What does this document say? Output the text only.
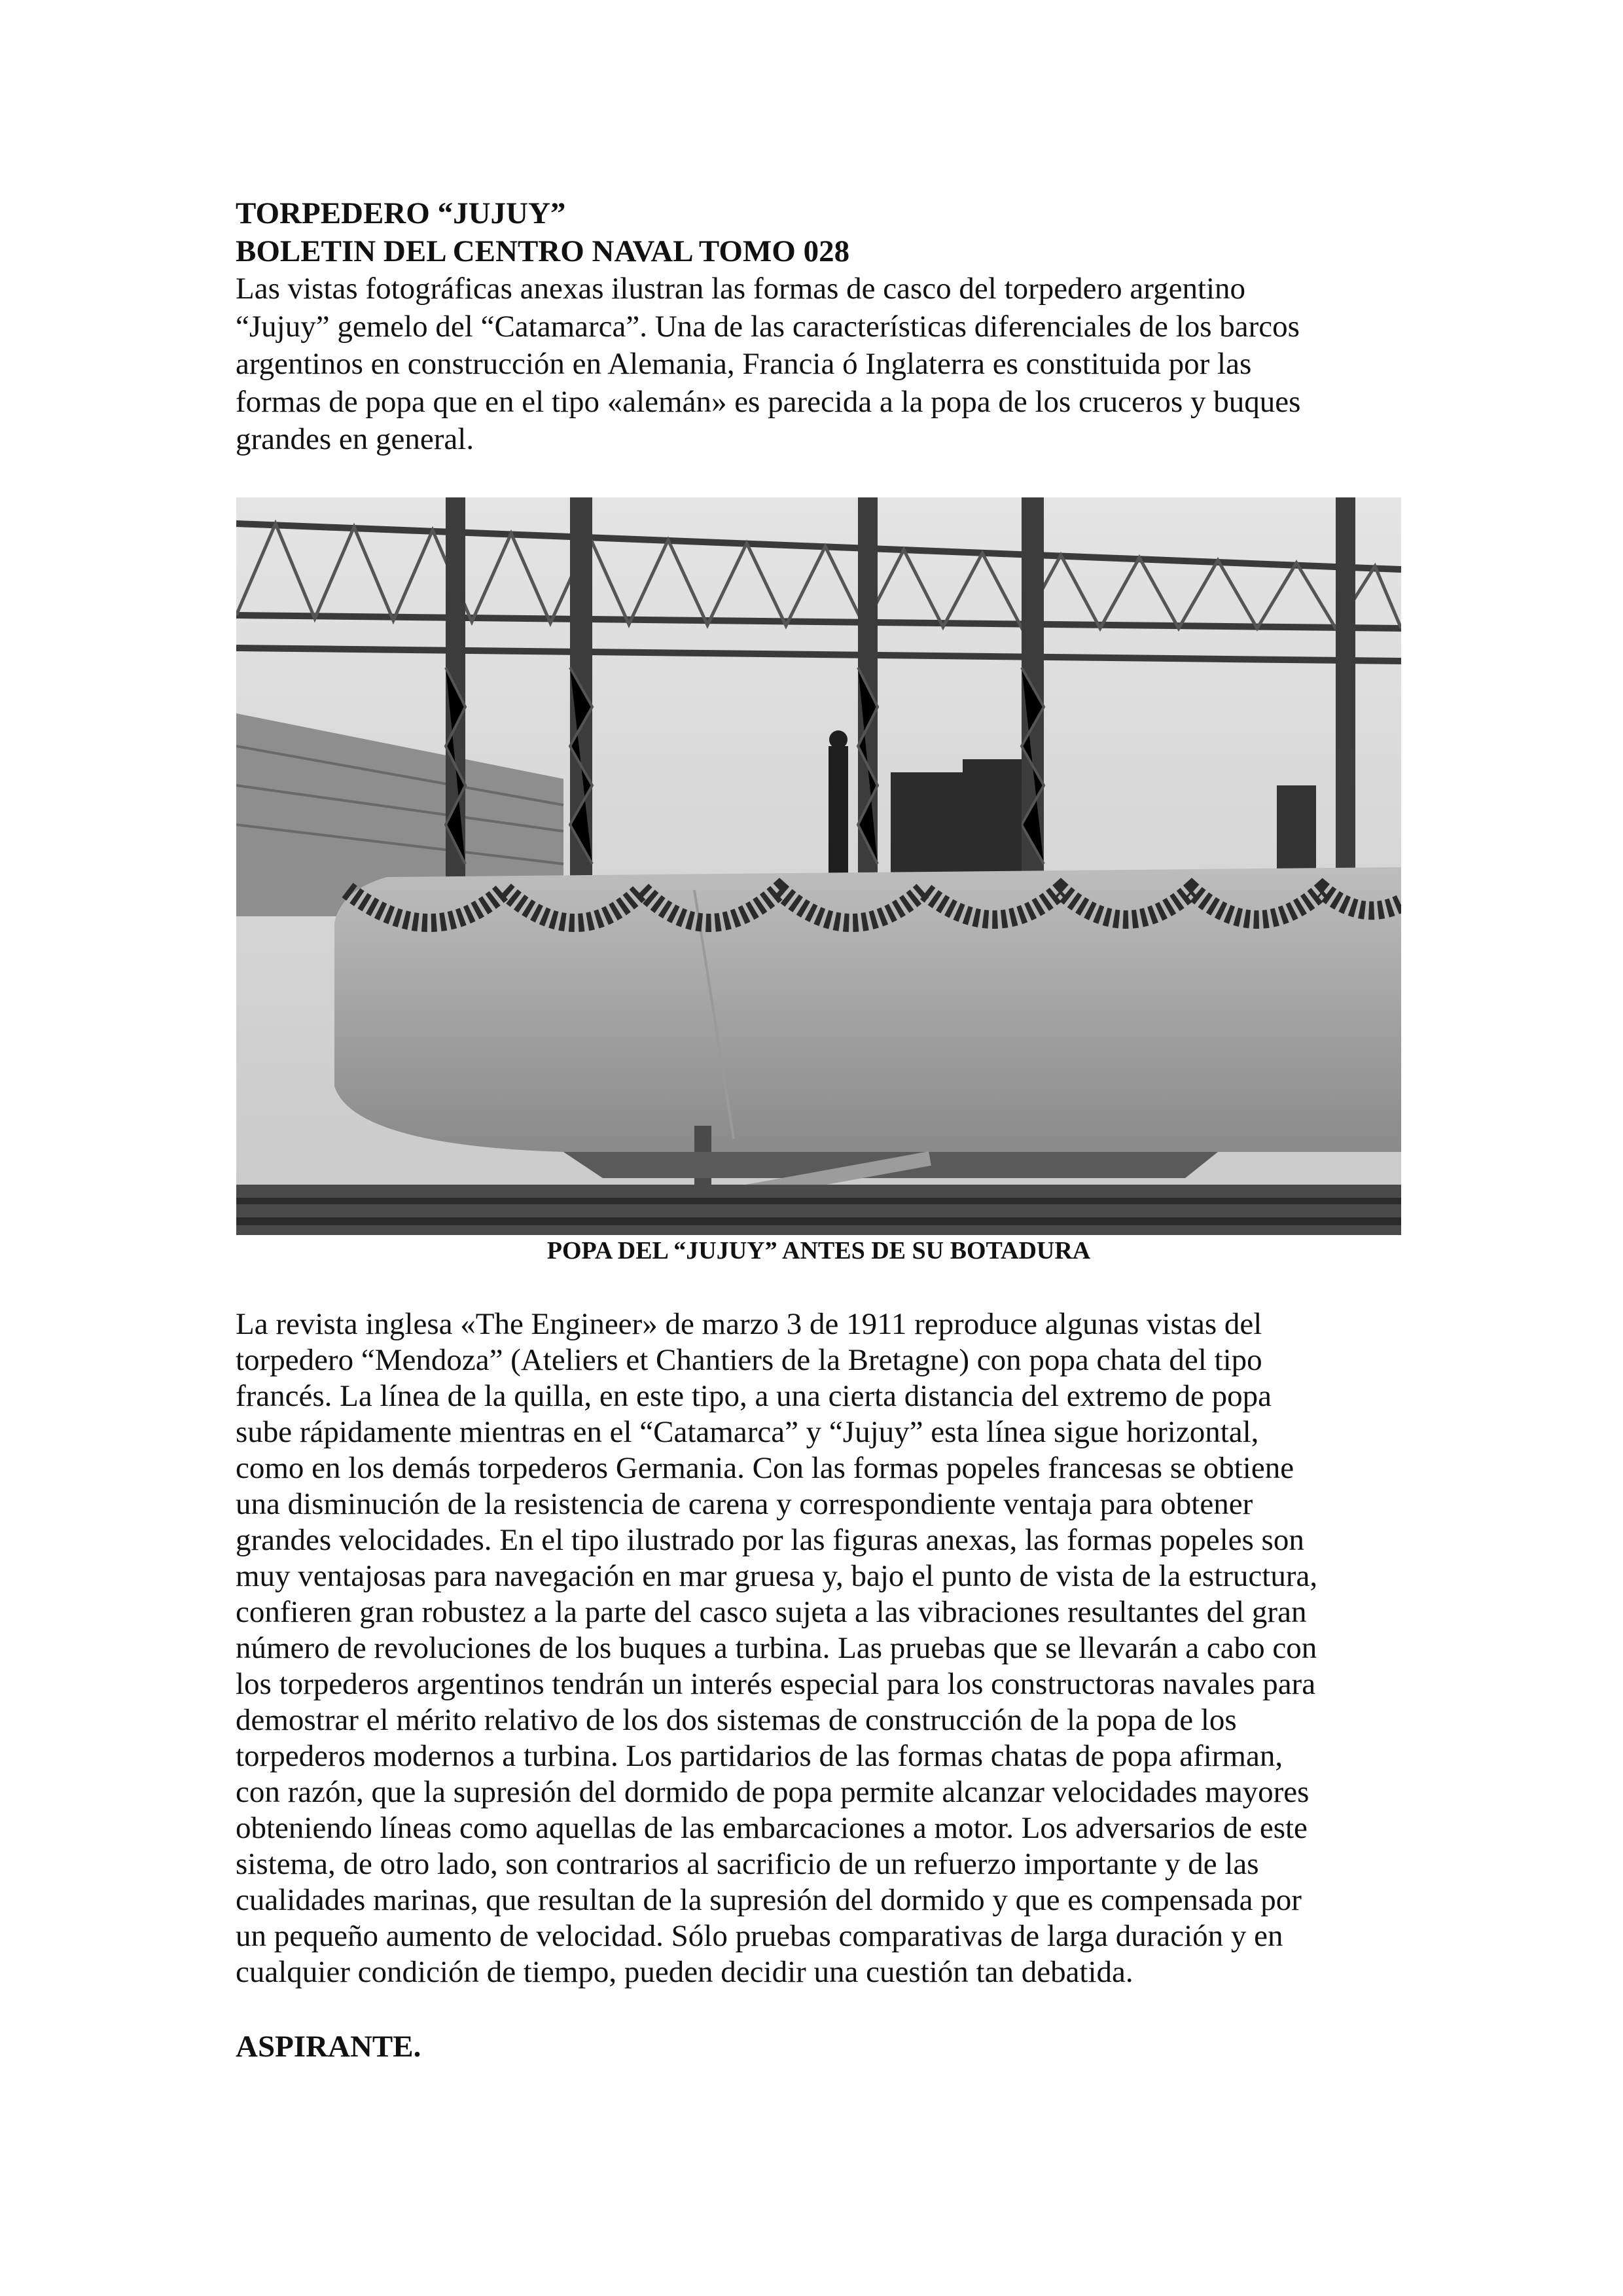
TORPEDERO “JUJUY”
BOLETIN DEL CENTRO NAVAL TOMO 028
Las vistas fotográficas anexas ilustran las formas de casco del torpedero argentino
“Jujuy” gemelo del “Catamarca”. Una de las características diferenciales de los barcos
argentinos en construcción en Alemania, Francia ó Inglaterra es constituida por las
formas de popa que en el tipo «alemán» es parecida a la popa de los cruceros y buques
grandes en general.
POPA DEL “JUJUY” ANTES DE SU BOTADURA
La revista inglesa «The Engineer» de marzo 3 de 1911 reproduce algunas vistas del
torpedero “Mendoza” (Ateliers et Chantiers de la Bretagne) con popa chata del tipo
francés. La línea de la quilla, en este tipo, a una cierta distancia del extremo de popa
sube rápidamente mientras en el “Catamarca” y “Jujuy” esta línea sigue horizontal,
como en los demás torpederos Germania. Con las formas popeles francesas se obtiene
una disminución de la resistencia de carena y correspondiente ventaja para obtener
grandes velocidades. En el tipo ilustrado por las figuras anexas, las formas popeles son
muy ventajosas para navegación en mar gruesa y, bajo el punto de vista de la estructura,
confieren gran robustez a la parte del casco sujeta a las vibraciones resultantes del gran
número de revoluciones de los buques a turbina. Las pruebas que se llevarán a cabo con
los torpederos argentinos tendrán un interés especial para los constructoras navales para
demostrar el mérito relativo de los dos sistemas de construcción de la popa de los
torpederos modernos a turbina. Los partidarios de las formas chatas de popa afirman,
con razón, que la supresión del dormido de popa permite alcanzar velocidades mayores
obteniendo líneas como aquellas de las embarcaciones a motor. Los adversarios de este
sistema, de otro lado, son contrarios al sacrificio de un refuerzo importante y de las
cualidades marinas, que resultan de la supresión del dormido y que es compensada por
un pequeño aumento de velocidad. Sólo pruebas comparativas de larga duración y en
cualquier condición de tiempo, pueden decidir una cuestión tan debatida.
ASPIRANTE.
